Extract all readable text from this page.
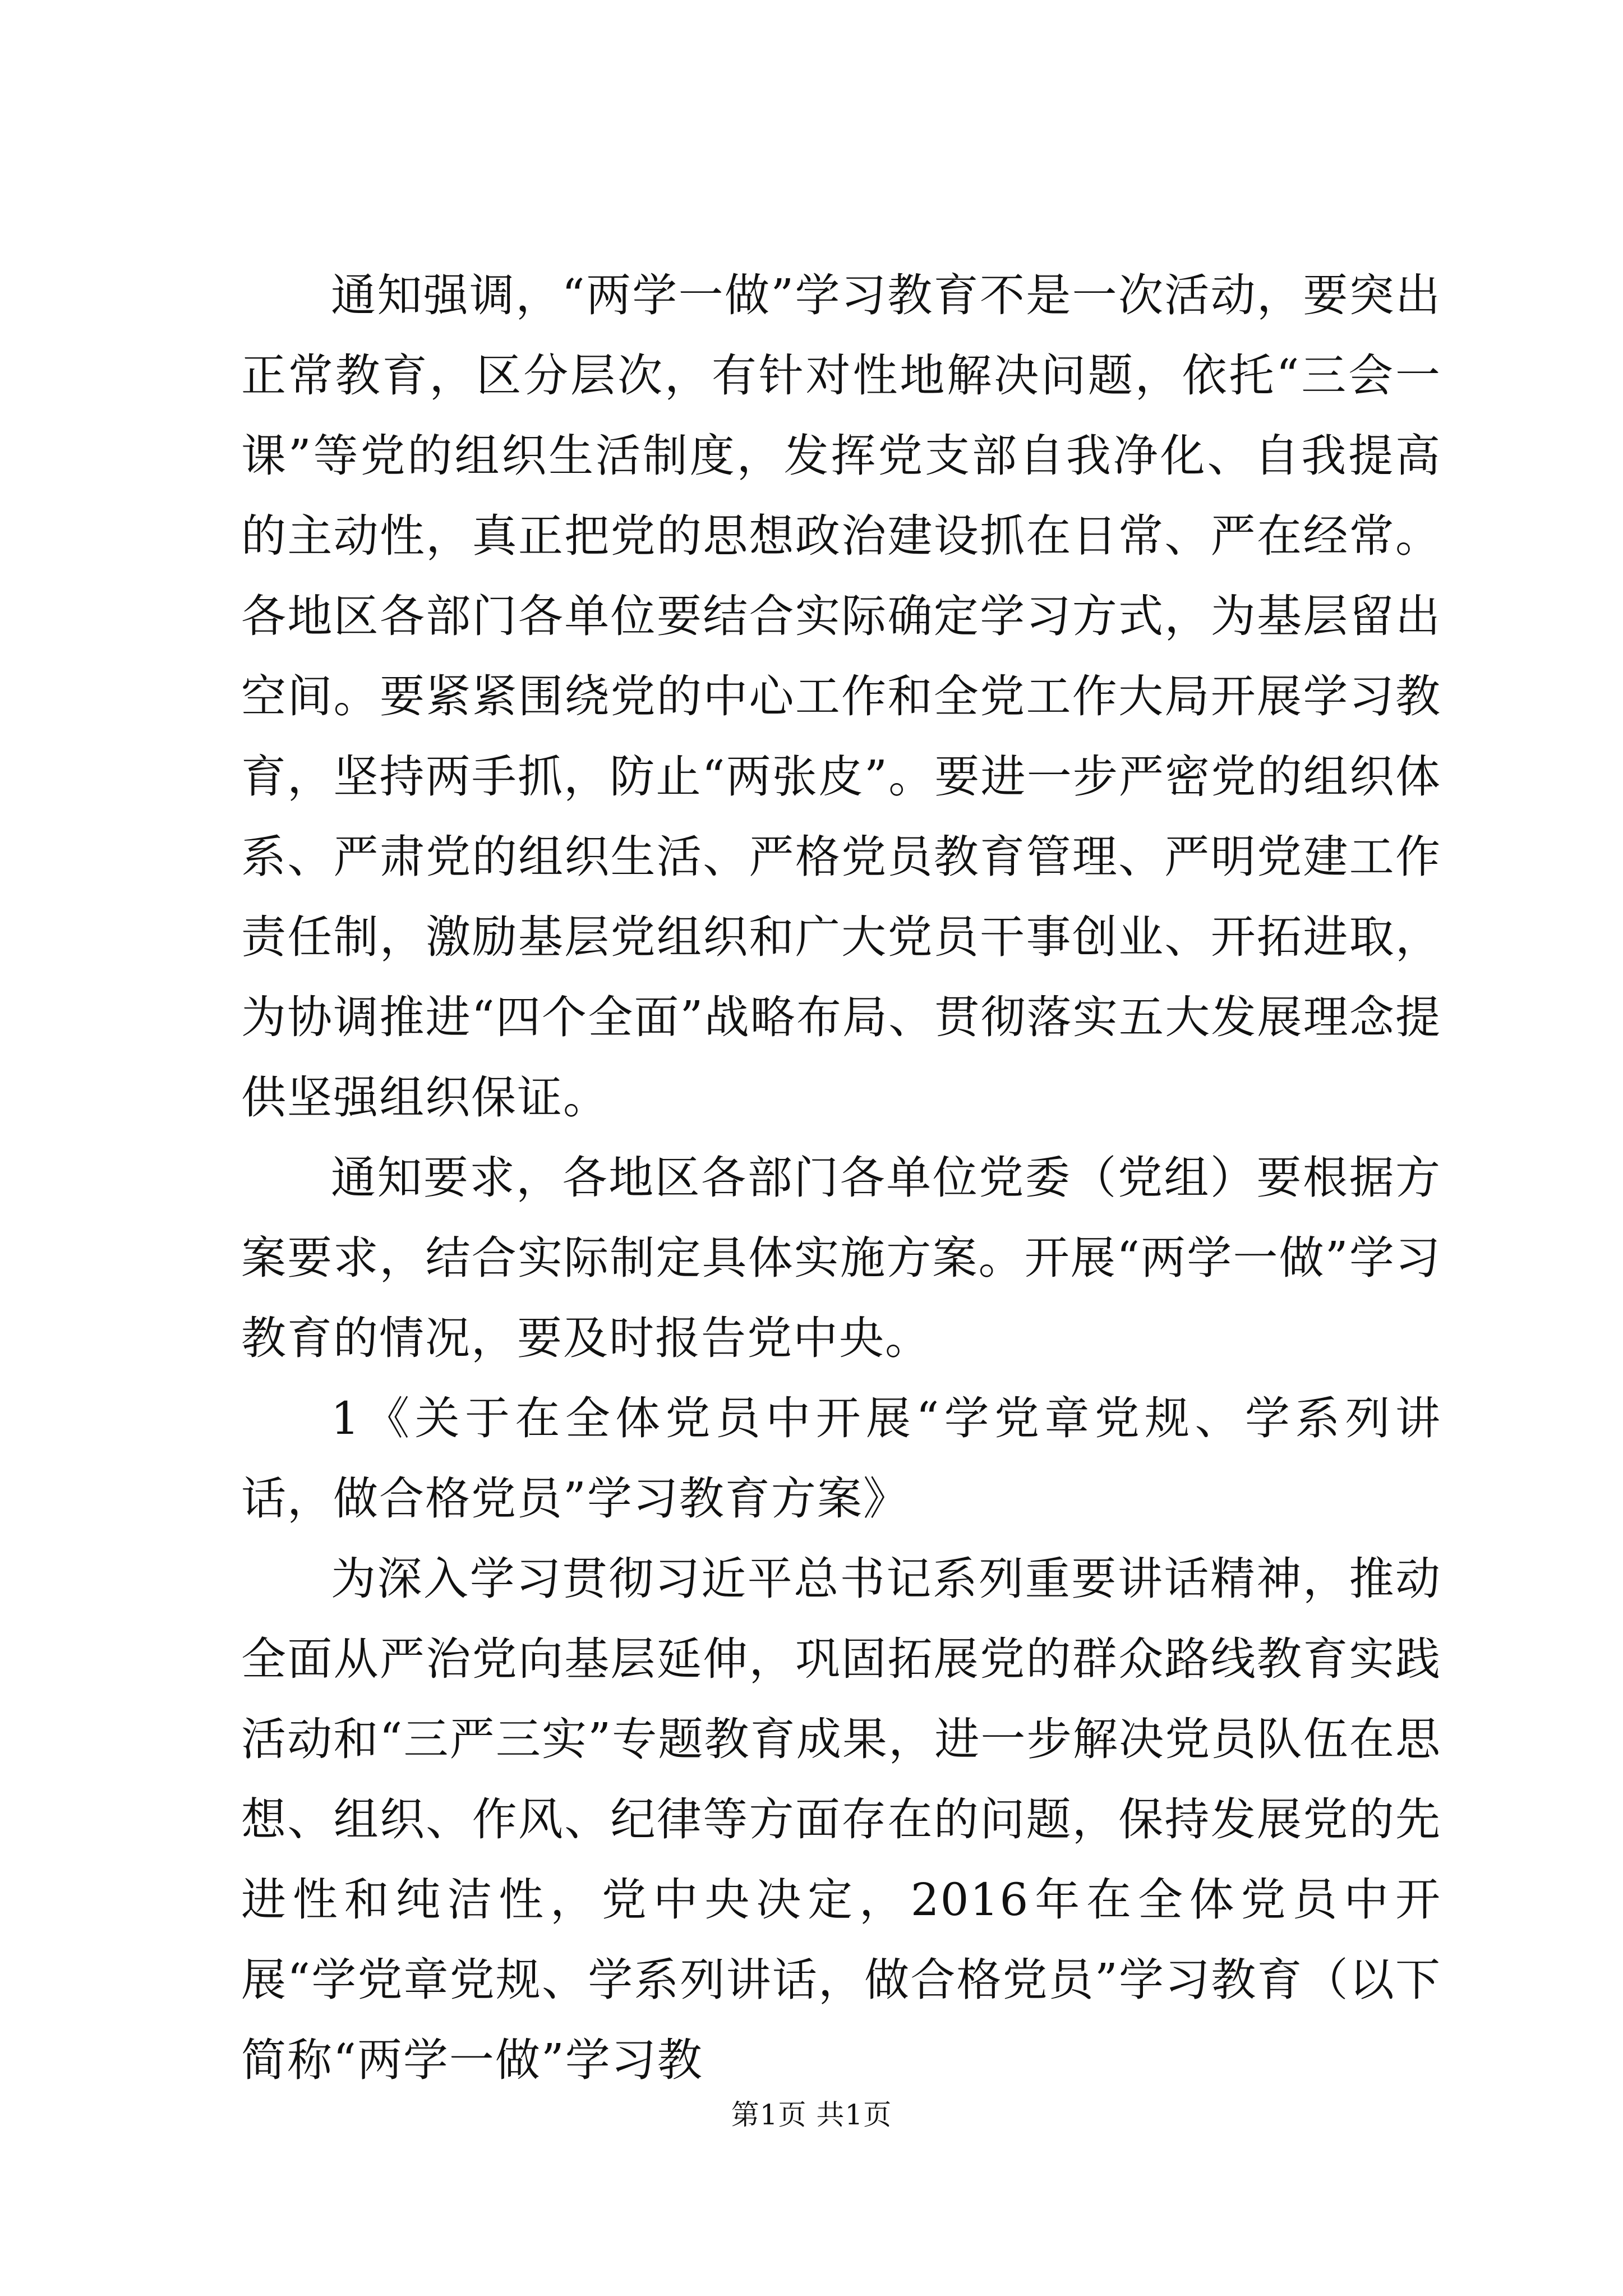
通知强调，“两学一做”学习教育不是一次活动，要突出正常教育，区分层次，有针对性地解决问题，依托“三会一课”等党的组织生活制度，发挥党支部自我净化、自我提高的主动性，真正把党的思想政治建设抓在日常、严在经常。各地区各部门各单位要结合实际确定学习方式，为基层留出空间。要紧紧围绕党的中心工作和全党工作大局开展学习教育，坚持两手抓，防止“两张皮”。要进一步严密党的组织体系、严肃党的组织生活、严格党员教育管理、严明党建工作责任制，激励基层党组织和广大党员干事创业、开拓进取，为协调推进“四个全面”战略布局、贯彻落实五大发展理念提供坚强组织保证。

通知要求，各地区各部门各单位党委（党组）要根据方案要求，结合实际制定具体实施方案。开展“两学一做”学习教育的情况，要及时报告党中央。

1《关于在全体党员中开展“学党章党规、学系列讲话，做合格党员”学习教育方案》

为深入学习贯彻习近平总书记系列重要讲话精神，推动全面从严治党向基层延伸，巩固拓展党的群众路线教育实践活动和“三严三实”专题教育成果，进一步解决党员队伍在思想、组织、作风、纪律等方面存在的问题，保持发展党的先进性和纯洁性，党中央决定，2016年在全体党员中开展“学党章党规、学系列讲话，做合格党员”学习教育（以下简称“两学一做”学习教

第1页 共1页
